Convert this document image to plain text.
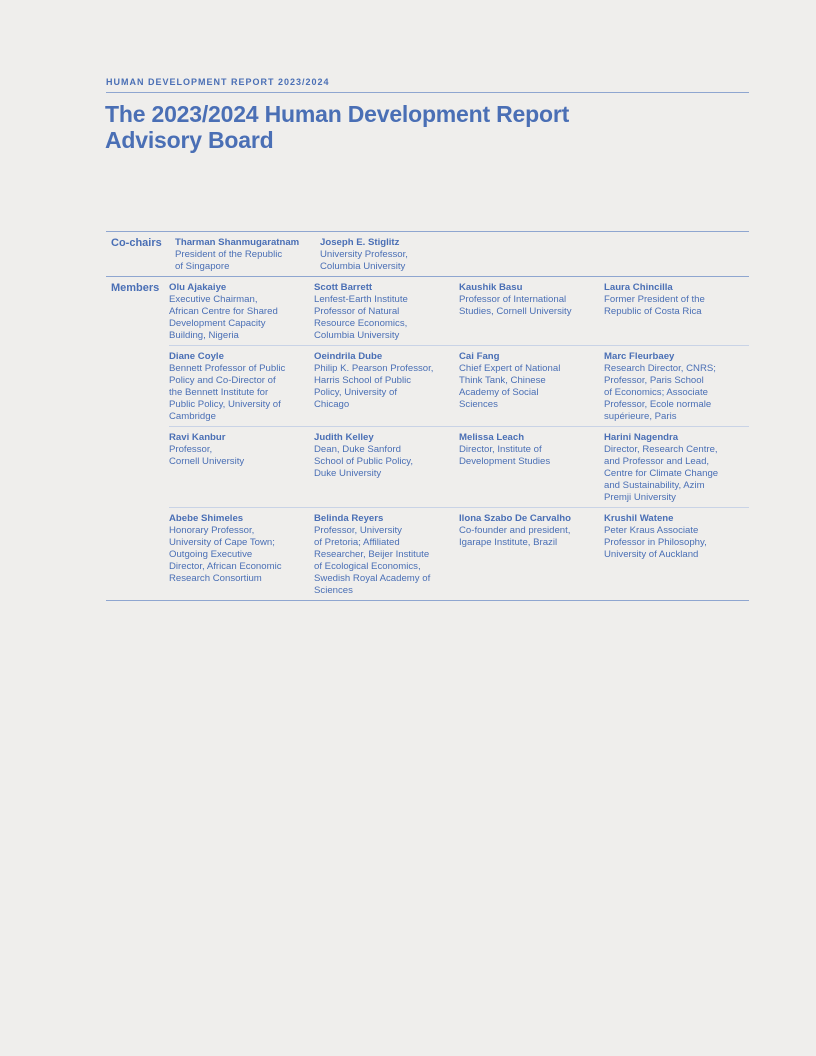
HUMAN DEVELOPMENT REPORT 2023/2024
The 2023/2024 Human Development Report
Advisory Board
Co-chairs	Tharman Shanmugaratnam
President of the Republic
of Singapore
Joseph E. Stiglitz
University Professor,
Columbia University
Members	Olu Ajakaiye
Executive Chairman,
African Centre for Shared
Development Capacity
Building, Nigeria
Scott Barrett
Lenfest-Earth Institute
Professor of Natural
Resource Economics,
Columbia University
Kaushik Basu
Professor of International
Studies, Cornell University
Laura Chincilla
Former President of the
Republic of Costa Rica
Diane Coyle
Bennett Professor of Public
Policy and Co-Director of
the Bennett Institute for
Public Policy, University of
Cambridge
Oeindrila Dube
Philip K. Pearson Professor,
Harris School of Public
Policy, University of
Chicago
Cai Fang
Chief Expert of National
Think Tank, Chinese
Academy of Social
Sciences
Marc Fleurbaey
Research Director, CNRS;
Professor, Paris School
of Economics; Associate
Professor, Ecole normale
supérieure, Paris
Ravi Kanbur
Professor,
Cornell University
Judith Kelley
Dean, Duke Sanford
School of Public Policy,
Duke University
Melissa Leach
Director, Institute of
Development Studies
Harini Nagendra
Director, Research Centre,
and Professor and Lead,
Centre for Climate Change
and Sustainability, Azim
Premji University
Abebe Shimeles
Honorary Professor,
University of Cape Town;
Outgoing Executive
Director, African Economic
Research Consortium
Belinda Reyers
Professor, University
of Pretoria; Affiliated
Researcher, Beijer Institute
of Ecological Economics,
Swedish Royal Academy of
Sciences
Ilona Szabo De Carvalho
Co-founder and president,
Igarape Institute, Brazil
Krushil Watene
Peter Kraus Associate
Professor in Philosophy,
University of Auckland
